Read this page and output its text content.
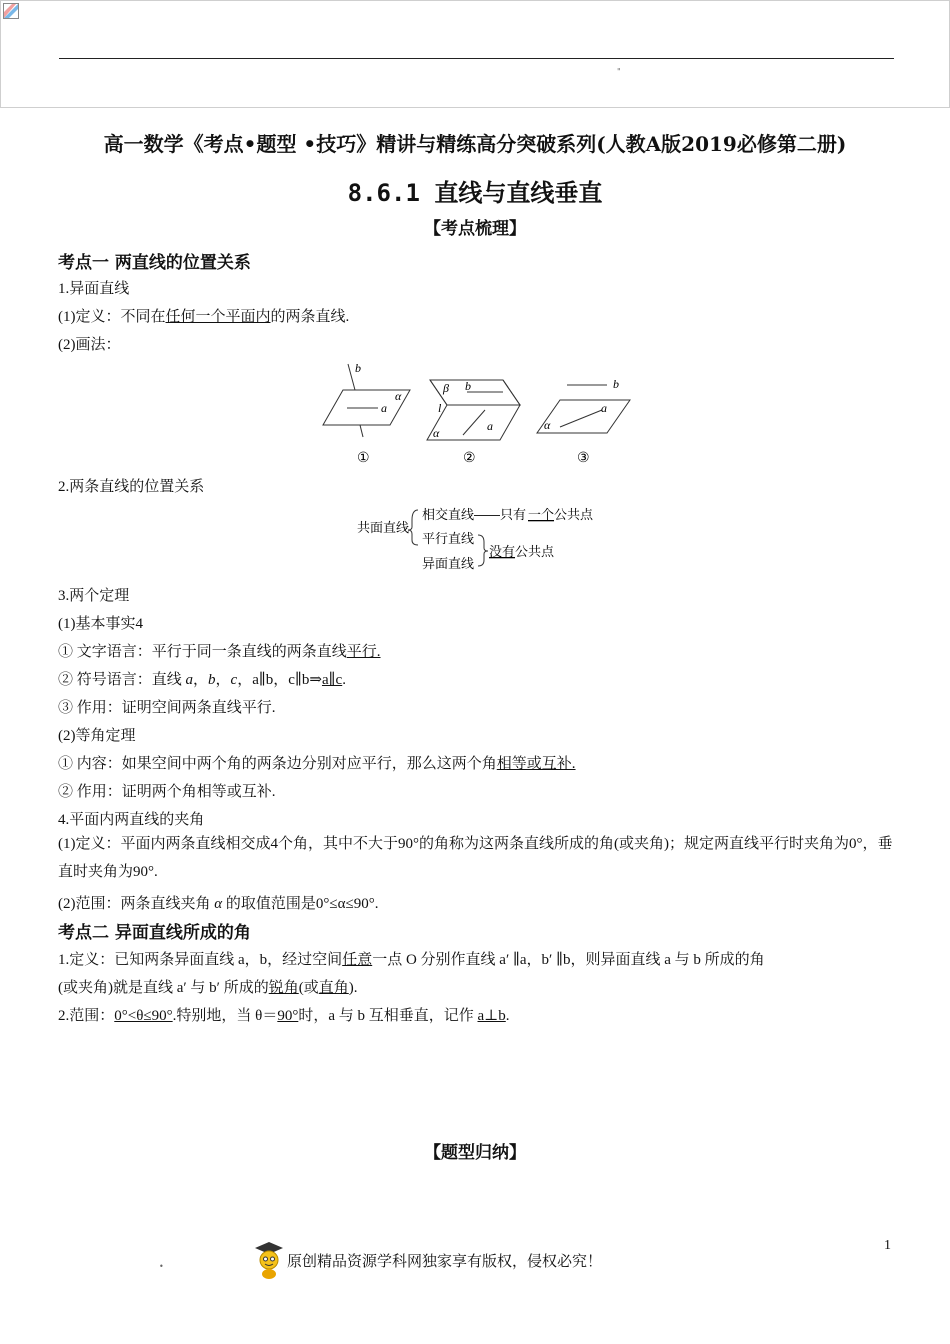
"
高一数学《考点•题型 •技巧》精讲与精练高分突破系列(人教A版2019必修第二册)
8.6.1 直线与直线垂直
【考点梳理】
考点一 两直线的位置关系
1.异面直线
(1)定义：不同在任何一个平面内的两条直线.
(2)画法：
b
α
a
①
β b
l
a
α
②
b
a
α
③
2.两条直线的位置关系
共面直线
相交直线 ——只有 一个 公共点
平行直线
异面直线
没有 公共点
3.两个定理
(1)基本事实4
① 文字语言：平行于同一条直线的两条直线平行.
② 符号语言：直线 a，b，c，a∥b，c∥b⇒a∥c.
③ 作用：证明空间两条直线平行.
(2)等角定理
① 内容：如果空间中两个角的两条边分别对应平行，那么这两个角相等或互补.
② 作用：证明两个角相等或互补.
4.平面内两直线的夹角
(1)定义：平面内两条直线相交成4个角，其中不大于90°的角称为这两条直线所成的角(或夹角)；规定两直线平行时夹角为0°，垂直时夹角为90°.
(2)范围：两条直线夹角 α 的取值范围是0°≤α≤90°.
考点二 异面直线所成的角
1.定义：已知两条异面直线 a，b，经过空间任意一点 O 分别作直线 a′ ∥a，b′ ∥b，则异面直线 a 与 b 所成的角
(或夹角)就是直线 a′ 与 b′ 所成的锐角(或直角).
2.范围：0°<θ≤90°.特别地，当 θ＝90°时，a 与 b 互相垂直，记作 a⊥b.
【题型归纳】
1
原创精品资源学科网独家享有版权，侵权必究！
•
